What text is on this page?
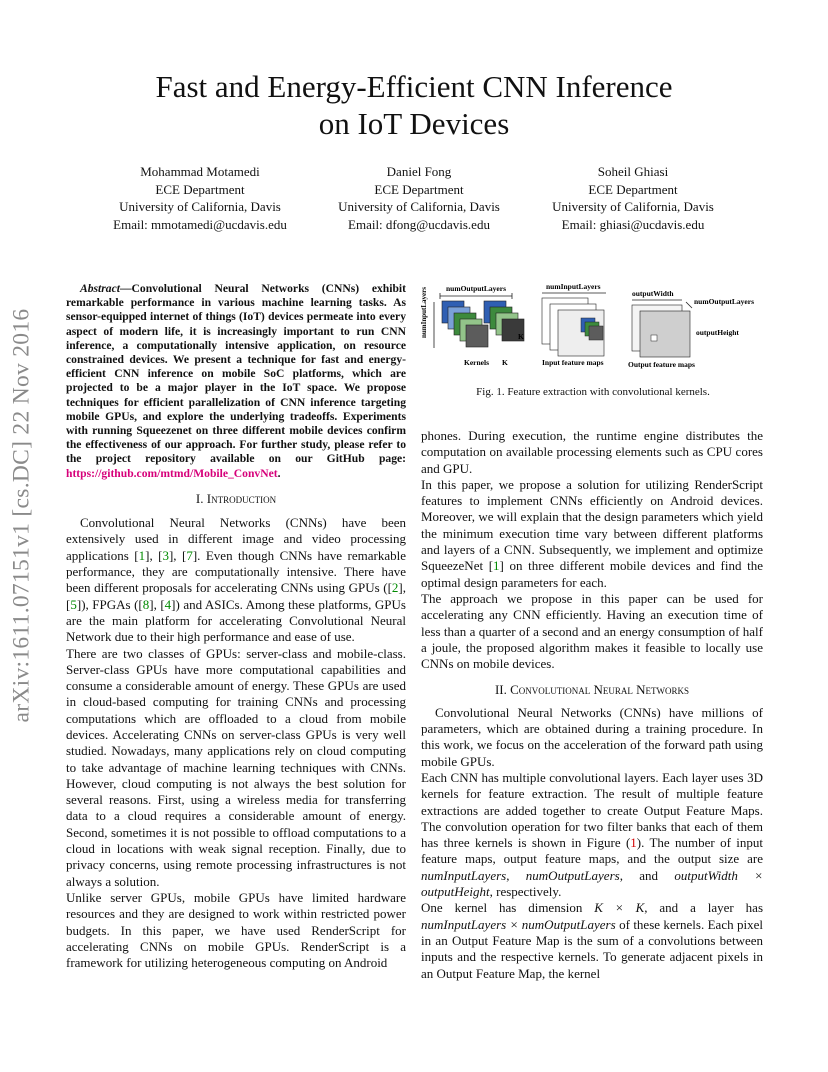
Fast and Energy-Efficient CNN Inference
on IoT Devices
Mohammad Motamedi
ECE Department
University of California, Davis
Email: mmotamedi@ucdavis.edu
Daniel Fong
ECE Department
University of California, Davis
Email: dfong@ucdavis.edu
Soheil Ghiasi
ECE Department
University of California, Davis
Email: ghiasi@ucdavis.edu
arXiv:1611.07151v1 [cs.DC] 22 Nov 2016

Abstract—Convolutional Neural Networks (CNNs) exhibit remarkable performance in various machine learning tasks. As sensor-equipped internet of things (IoT) devices permeate into every aspect of modern life, it is increasingly important to run CNN inference, a computationally intensive application, on resource constrained devices. We present a technique for fast and energy-efficient CNN inference on mobile SoC platforms, which are projected to be a major player in the IoT space. We propose techniques for efficient parallelization of CNN inference targeting mobile GPUs, and explore the underlying tradeoffs. Experiments with running Squeezenet on three different mobile devices confirm the effectiveness of our approach. For further study, please refer to the project repository available on our GitHub page: https://github.com/mtmd/Mobile_ConvNet.

I. Introduction

Convolutional Neural Networks (CNNs) have been extensively used in different image and video processing applications [1], [3], [7]. Even though CNNs have remarkable performance, they are computationally intensive. There have been different proposals for accelerating CNNs using GPUs ([2], [5]), FPGAs ([8], [4]) and ASICs. Among these platforms, GPUs are the main platform for accelerating Convolutional Neural Network due to their high performance and ease of use.

There are two classes of GPUs: server-class and mobile-class. Server-class GPUs have more computational capabilities and consume a considerable amount of energy. These GPUs are used in cloud-based computing for training CNNs and processing computations which are offloaded to a cloud from mobile devices. Accelerating CNNs on server-class GPUs is very well studied. Nowadays, many applications rely on cloud computing to take advantage of machine learning techniques with CNNs. However, cloud computing is not always the best solution for several reasons. First, using a wireless media for transferring data to a cloud requires a considerable amount of energy. Second, sometimes it is not possible to offload computations to a cloud in locations with weak signal reception. Finally, due to privacy concerns, using remote processing infrastructures is not always a solution.

Unlike server GPUs, mobile GPUs have limited hardware resources and they are designed to work within restricted power budgets. In this paper, we have used RenderScript for accelerating CNNs on mobile GPUs. RenderScript is a framework for utilizing heterogeneous computing on Android

numInputLayers numOutputLayers
K
Kernels K
numInputLayers
Input feature maps
outputWidth
numOutputLayers
outputHeight
Output feature maps
Fig. 1. Feature extraction with convolutional kernels.

phones. During execution, the runtime engine distributes the computation on available processing elements such as CPU cores and GPU.

In this paper, we propose a solution for utilizing RenderScript features to implement CNNs efficiently on Android devices. Moreover, we will explain that the design parameters which yield the minimum execution time vary between different platforms and layers of a CNN. Subsequently, we implement and optimize SqueezeNet [1] on three different mobile devices and find the optimal design parameters for each.

The approach we propose in this paper can be used for accelerating any CNN efficiently. Having an execution time of less than a quarter of a second and an energy consumption of half a joule, the proposed algorithm makes it feasible to locally use CNNs on mobile devices.

II. Convolutional Neural Networks

Convolutional Neural Networks (CNNs) have millions of parameters, which are obtained during a training procedure. In this work, we focus on the acceleration of the forward path using mobile GPUs.

Each CNN has multiple convolutional layers. Each layer uses 3D kernels for feature extraction. The result of multiple feature extractions are added together to create Output Feature Maps. The convolution operation for two filter banks that each of them has three kernels is shown in Figure (1). The number of input feature maps, output feature maps, and the output size are numInputLayers, numOutputLayers, and outputWidth × outputHeight, respectively.

One kernel has dimension K × K, and a layer has numInputLayers × numOutputLayers of these kernels. Each pixel in an Output Feature Map is the sum of a convolutions between inputs and the respective kernels. To generate adjacent pixels in an Output Feature Map, the kernel
